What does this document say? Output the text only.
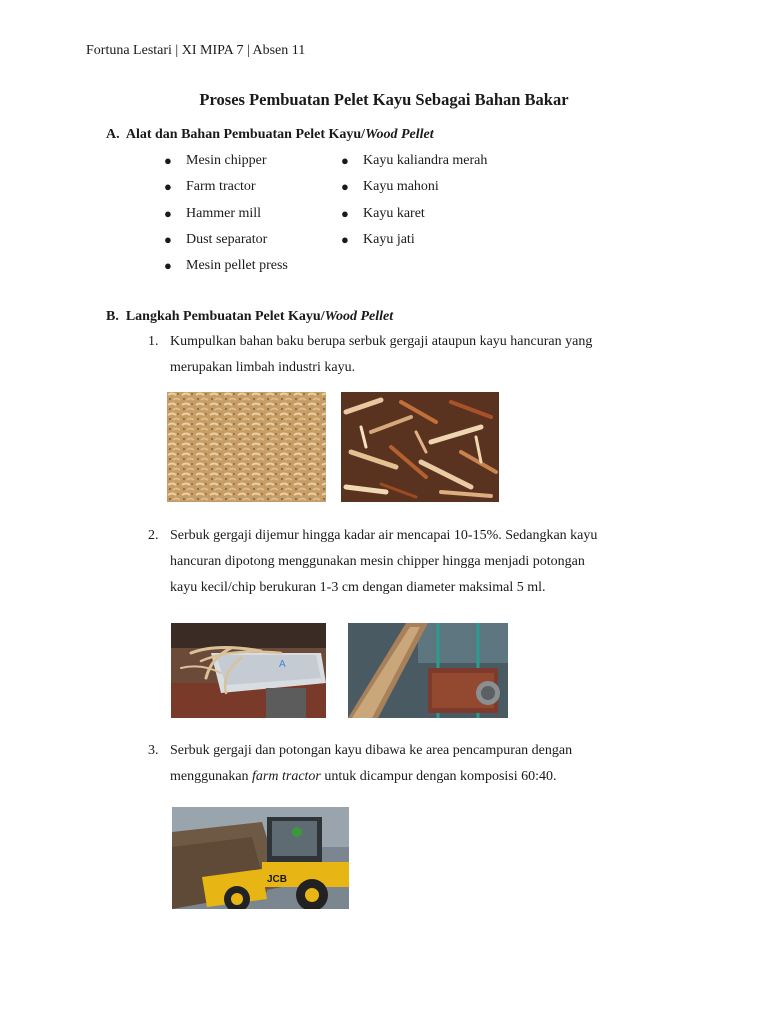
Fortuna Lestari | XI MIPA 7 | Absen 11
Proses Pembuatan Pelet Kayu Sebagai Bahan Bakar
A. Alat dan Bahan Pembuatan Pelet Kayu/Wood Pellet
●	Mesin chipper
●	Farm tractor
●	Hammer mill
●	Dust separator
●	Mesin pellet press
●	Kayu kaliandra merah
●	Kayu mahoni
●	Kayu karet
●	Kayu jati
B. Langkah Pembuatan Pelet Kayu/Wood Pellet
1. Kumpulkan bahan baku berupa serbuk gergaji ataupun kayu hancuran yang
merupakan limbah industri kayu.
2. Serbuk gergaji dijemur hingga kadar air mencapai 10-15%. Sedangkan kayu
hancuran dipotong menggunakan mesin chipper hingga menjadi potongan
kayu kecil/chip berukuran 1-3 cm dengan diameter maksimal 5 ml.
A
3. Serbuk gergaji dan potongan kayu dibawa ke area pencampuran dengan
menggunakan farm tractor untuk dicampur dengan komposisi 60:40.
JCB
